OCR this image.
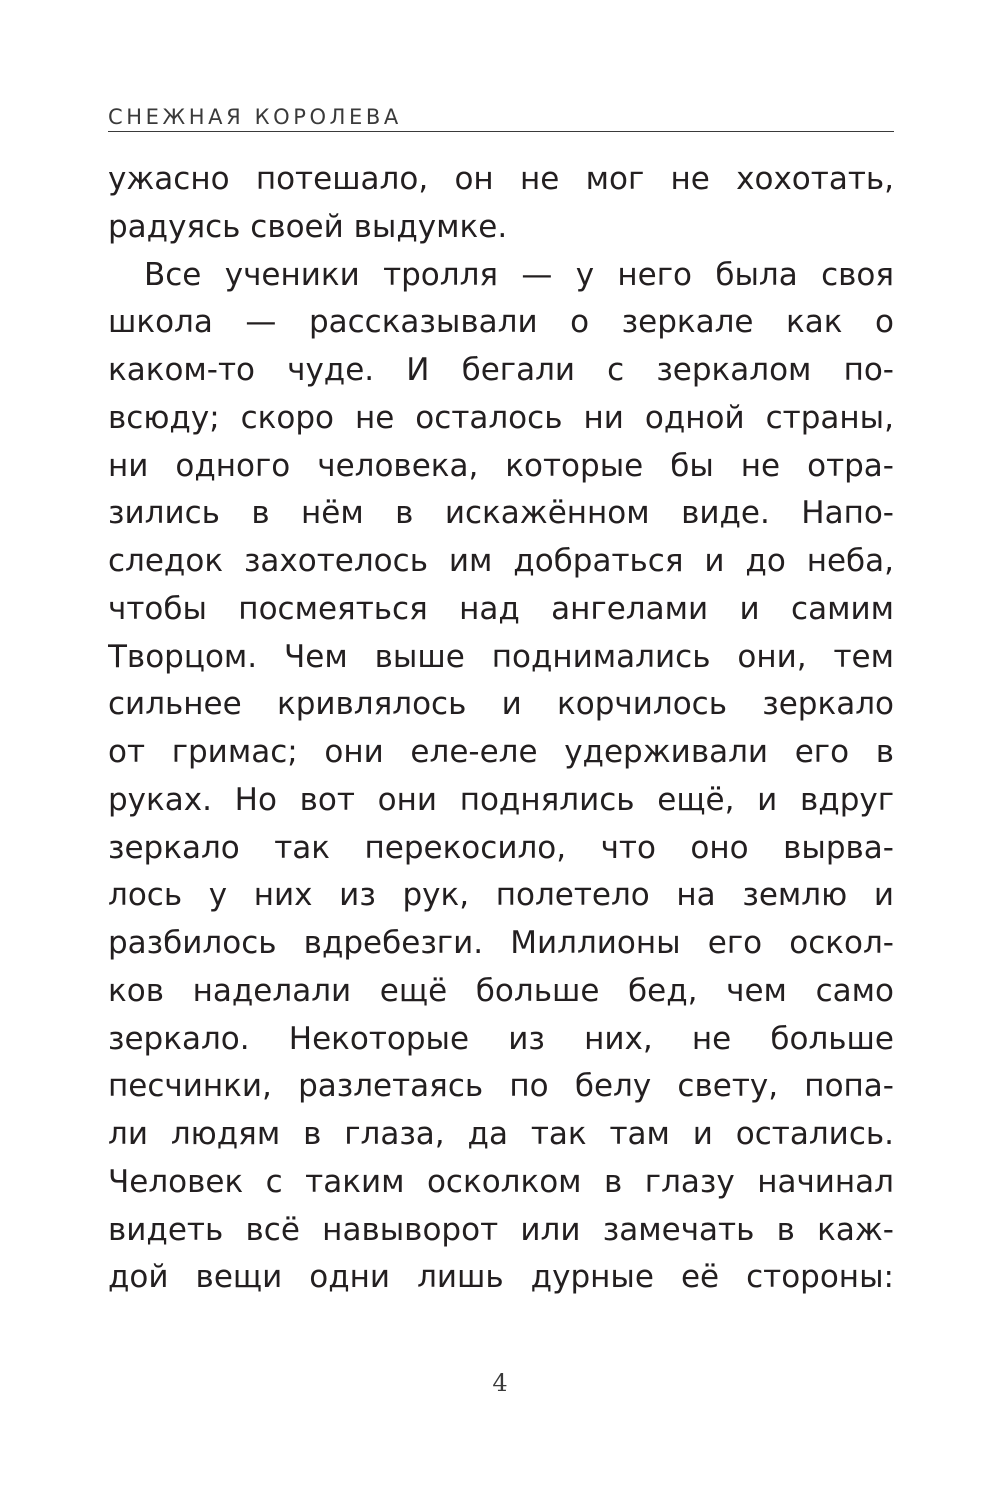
СНЕЖНАЯ КОРОЛЕВА
ужасно потешало, он не мог не хохотать,
радуясь своей выдумке.
Все ученики тролля — у него была своя
школа — рассказывали о зеркале как о
каком-то чуде. И бегали с зеркалом по-
всюду; скоро не осталось ни одной страны,
ни одного человека, которые бы не отра-
зились в нём в искажённом виде. Напо-
следок захотелось им добраться и до неба,
чтобы посмеяться над ангелами и самим
Творцом. Чем выше поднимались они, тем
сильнее кривлялось и корчилось зеркало
от гримас; они еле-еле удерживали его в
руках. Но вот они поднялись ещё, и вдруг
зеркало так перекосило, что оно вырва-
лось у них из рук, полетело на землю и
разбилось вдребезги. Миллионы его оскол-
ков наделали ещё больше бед, чем само
зеркало. Некоторые из них, не больше
песчинки, разлетаясь по белу свету, попа-
ли людям в глаза, да так там и остались.
Человек с таким осколком в глазу начинал
видеть всё навыворот или замечать в каж-
дой вещи одни лишь дурные её стороны:
4
